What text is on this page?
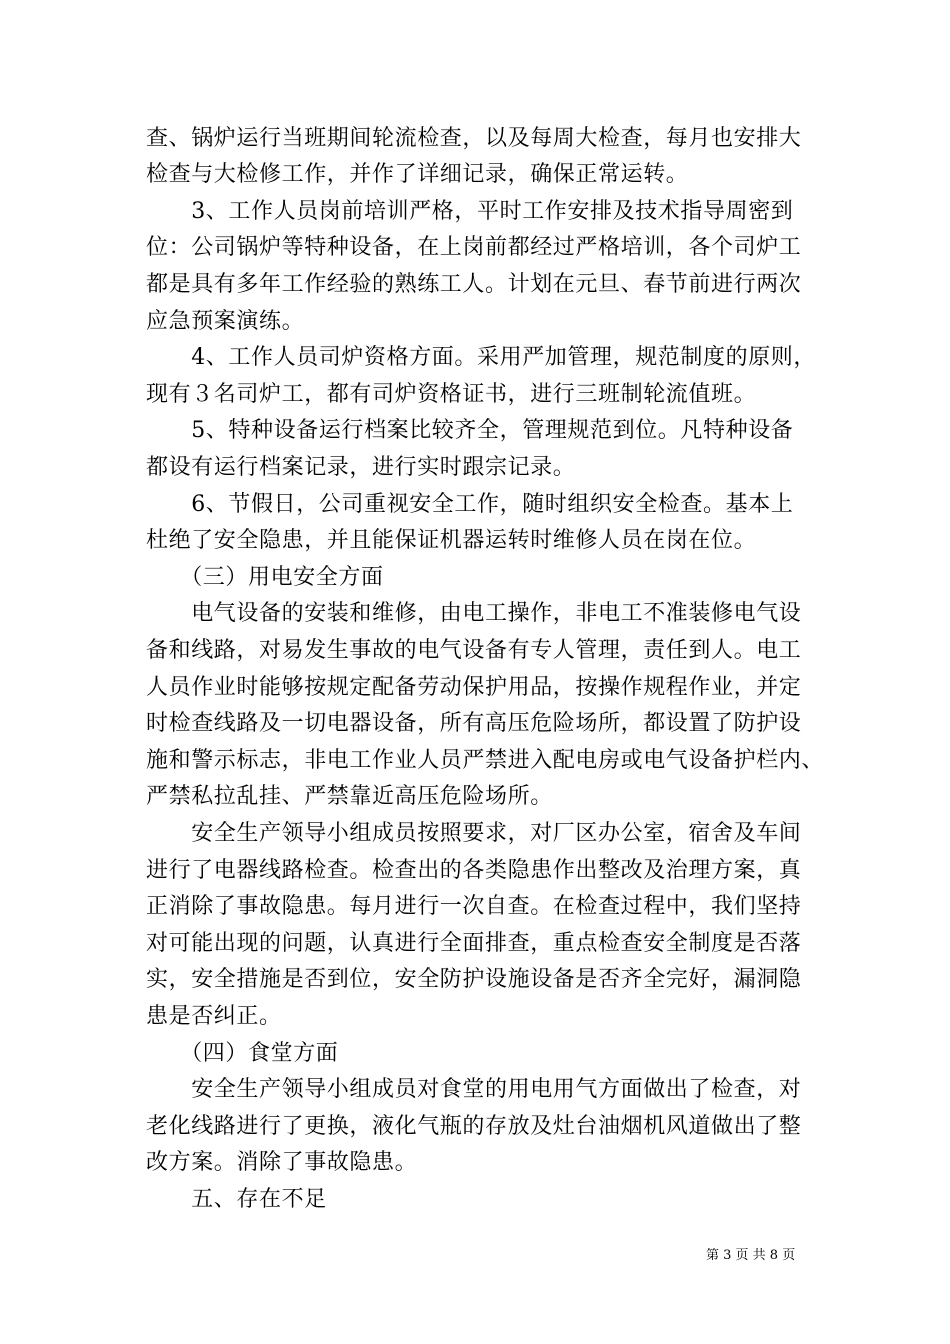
查、锅炉运行当班期间轮流检查，以及每周大检查，每月也安排大
检查与大检修工作，并作了详细记录，确保正常运转。
　　3、工作人员岗前培训严格，平时工作安排及技术指导周密到
位：公司锅炉等特种设备，在上岗前都经过严格培训，各个司炉工
都是具有多年工作经验的熟练工人。计划在元旦、春节前进行两次
应急预案演练。
　　4、工作人员司炉资格方面。采用严加管理，规范制度的原则，
现有３名司炉工，都有司炉资格证书，进行三班制轮流值班。
　　5、特种设备运行档案比较齐全，管理规范到位。凡特种设备
都设有运行档案记录，进行实时跟宗记录。
　　6、节假日，公司重视安全工作，随时组织安全检查。基本上
杜绝了安全隐患，并且能保证机器运转时维修人员在岗在位。
　　（三）用电安全方面
　　电气设备的安装和维修，由电工操作，非电工不准装修电气设
备和线路，对易发生事故的电气设备有专人管理，责任到人。电工
人员作业时能够按规定配备劳动保护用品，按操作规程作业，并定
时检查线路及一切电器设备，所有高压危险场所，都设置了防护设
施和警示标志，非电工作业人员严禁进入配电房或电气设备护栏内、
严禁私拉乱挂、严禁靠近高压危险场所。
　　安全生产领导小组成员按照要求，对厂区办公室，宿舍及车间
进行了电器线路检查。检查出的各类隐患作出整改及治理方案，真
正消除了事故隐患。每月进行一次自查。在检查过程中，我们坚持
对可能出现的问题，认真进行全面排查，重点检查安全制度是否落
实，安全措施是否到位，安全防护设施设备是否齐全完好，漏洞隐
患是否纠正。
　　（四）食堂方面
　　安全生产领导小组成员对食堂的用电用气方面做出了检查，对
老化线路进行了更换，液化气瓶的存放及灶台油烟机风道做出了整
改方案。消除了事故隐患。
　　五、存在不足
第 3 页 共 8 页
